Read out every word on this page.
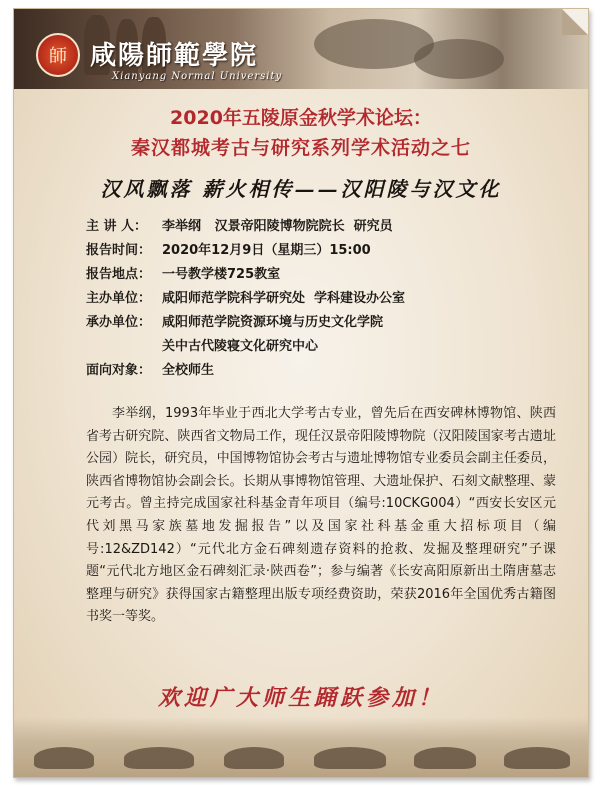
師 咸陽師範學院
Xianyang Normal University
2020年五陵原金秋学术论坛：
秦汉都城考古与研究系列学术活动之七
汉风飘落 薪火相传——汉阳陵与汉文化
主 讲 人：	李举纲   汉景帝阳陵博物院院长  研究员
报告时间： 2020年12月9日（星期三）15:00
报告地点： 一号教学楼725教室
主办单位： 咸阳师范学院科学研究处  学科建设办公室
承办单位： 咸阳师范学院资源环境与历史文化学院
关中古代陵寝文化研究中心
面向对象： 全校师生
李举纲，1993年毕业于西北大学考古专业，曾先后在西安碑林博物馆、陕西省考古研究院、陕西省文物局工作，现任汉景帝阳陵博物院（汉阳陵国家考古遗址公园）院长，研究员，中国博物馆协会考古与遗址博物馆专业委员会副主任委员，陕西省博物馆协会副会长。长期从事博物馆管理、大遗址保护、石刻文献整理、蒙元考古。曾主持完成国家社科基金青年项目（编号:10CKG004）“西安长安区元代刘黑马家族墓地发掘报告”以及国家社科基金重大招标项目（编号:12&ZD142）“元代北方金石碑刻遗存资料的抢救、发掘及整理研究”子课题“元代北方地区金石碑刻汇录·陕西卷”；参与编著《长安高阳原新出土隋唐墓志整理与研究》获得国家古籍整理出版专项经费资助，荣获2016年全国优秀古籍图书奖一等奖。
欢迎广大师生踊跃参加！
